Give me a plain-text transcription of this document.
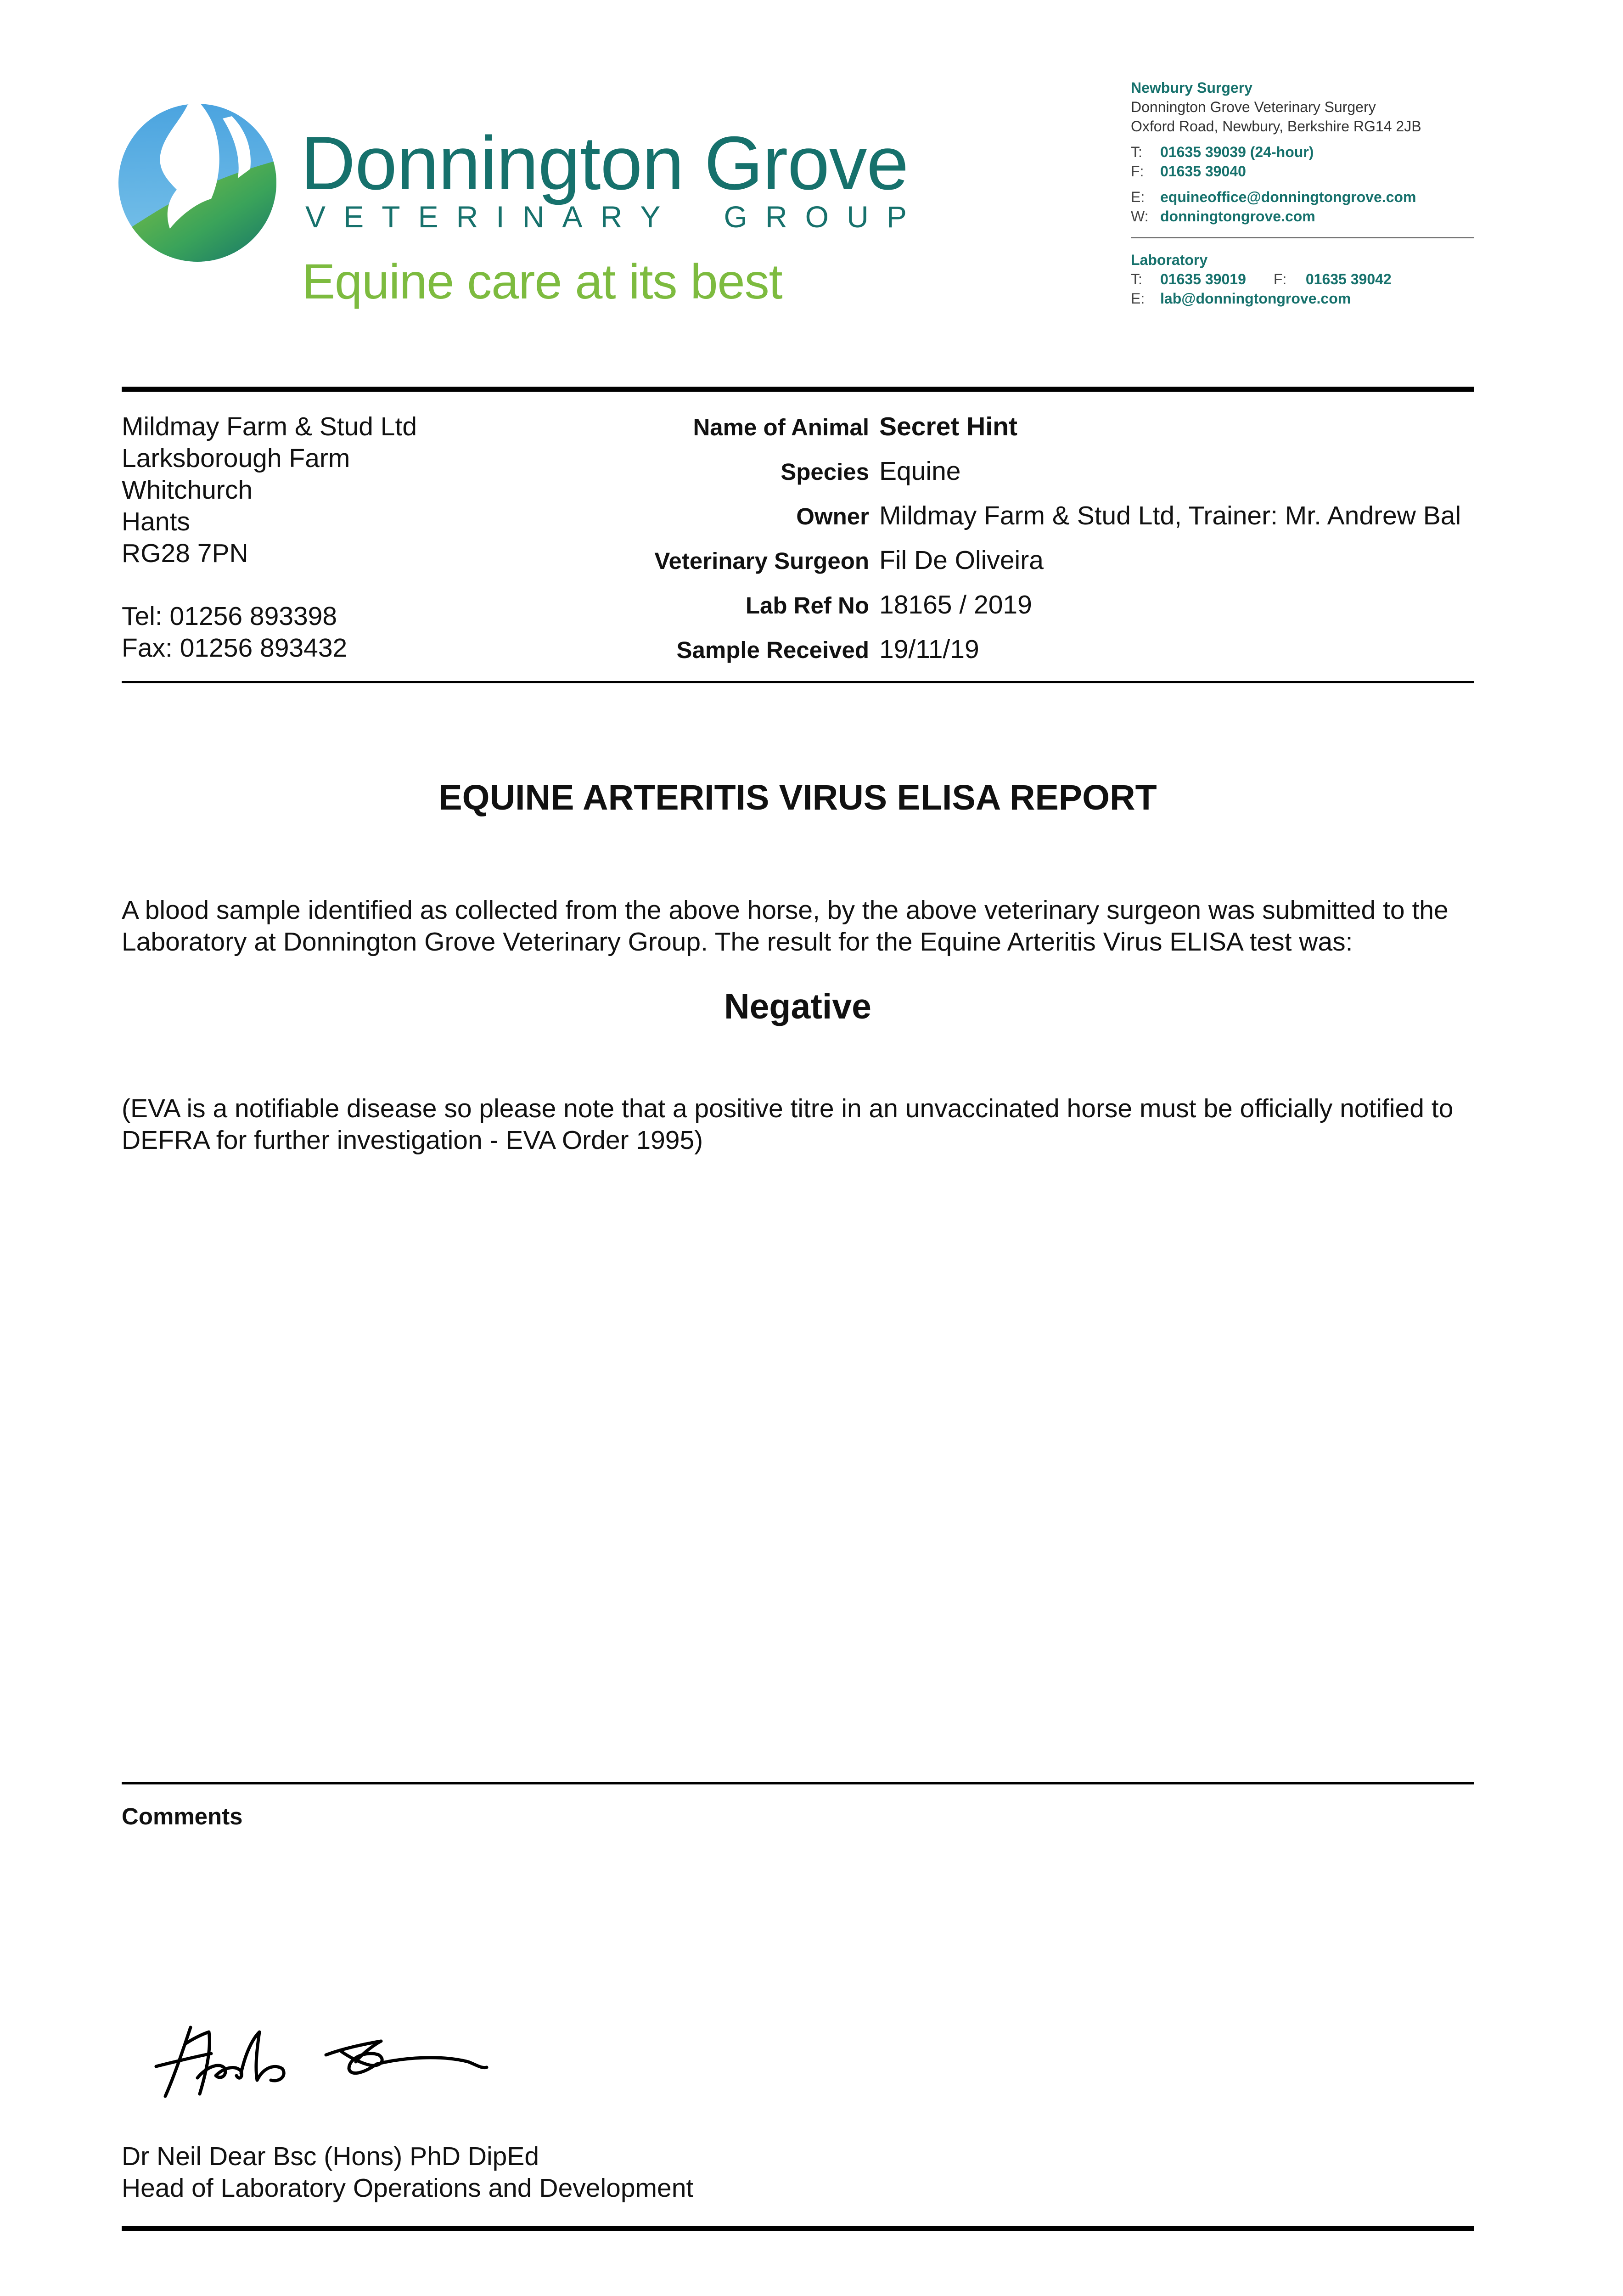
Donnington Grove
V E T E R I N A R Y G R O U P
Equine care at its best
Newbury Surgery
Donnington Grove Veterinary Surgery
Oxford Road, Newbury, Berkshire RG14 2JB
T: 01635 39039 (24-hour)
F: 01635 39040
E: equineoffice@donningtongrove.com
W: donningtongrove.com
Laboratory
T: 01635 39019 F: 01635 39042
E: lab@donningtongrove.com
Mildmay Farm & Stud Ltd
Larksborough Farm
Whitchurch
Hants
RG28 7PN
Tel: 01256 893398
Fax: 01256 893432
Name of Animal Secret Hint
Species Equine
Owner Mildmay Farm & Stud Ltd, Trainer: Mr. Andrew Bal
Veterinary Surgeon Fil De Oliveira
Lab Ref No 18165 / 2019
Sample Received 19/11/19
EQUINE ARTERITIS VIRUS ELISA REPORT
A blood sample identified as collected from the above horse, by the above veterinary surgeon was submitted to the Laboratory at Donnington Grove Veterinary Group. The result for the Equine Arteritis Virus ELISA test was:
Negative
(EVA is a notifiable disease so please note that a positive titre in an unvaccinated horse must be officially notified to DEFRA for further investigation - EVA Order 1995)
Comments
Dr Neil Dear Bsc (Hons) PhD DipEd
Head of Laboratory Operations and Development
